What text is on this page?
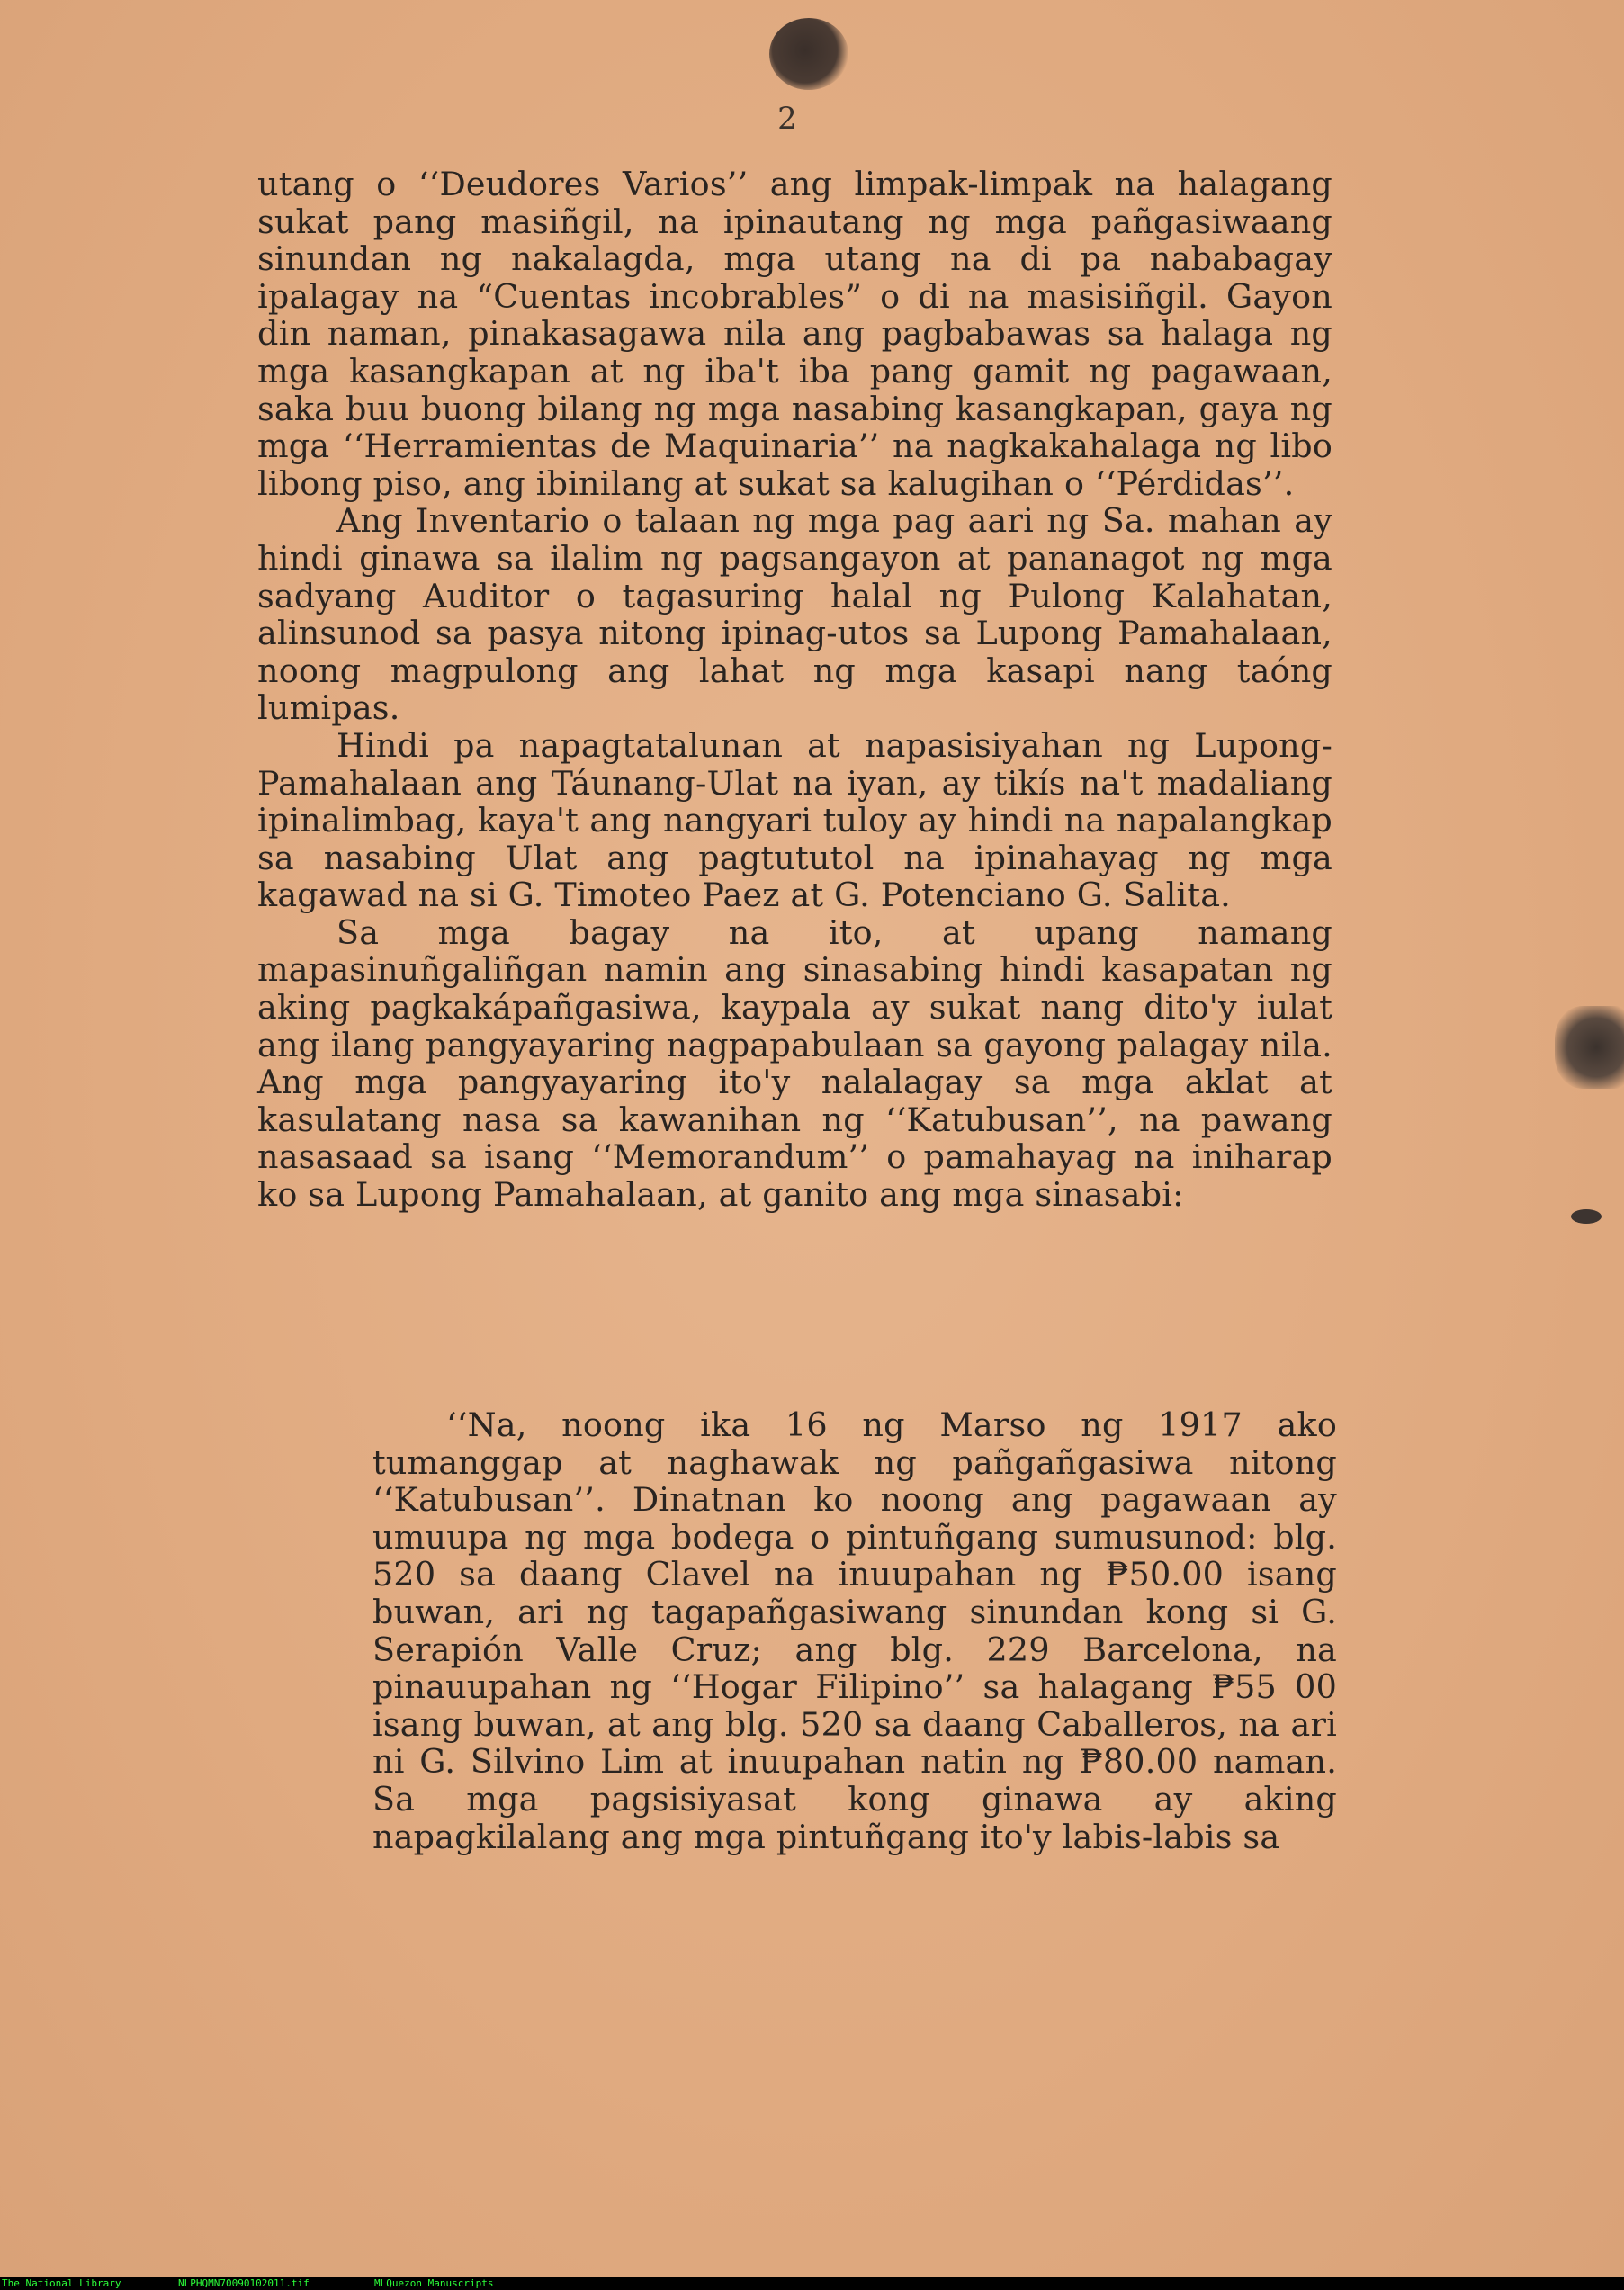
2

utang o ‘‘Deudores Varios’’ ang limpak-limpak na halagang sukat pang masiñgil, na ipinautang ng mga pañgasiwaang sinundan ng nakalagda, mga utang na di pa nababagay ipalagay na “Cuentas incobrables” o di na masisiñgil. Gayon din naman, pinakasagawa nila ang pagbabawas sa halaga ng mga kasangkapan at ng iba't iba pang gamit ng pagawaan, saka buu buong bilang ng mga nasabing kasangkapan, gaya ng mga ‘‘Herramientas de Maquinaria’’ na nagkakahalaga ng libo libong piso, ang ibinilang at sukat sa kalugihan o ‘‘Pérdidas’’.

Ang Inventario o talaan ng mga pag aari ng Sa. mahan ay hindi ginawa sa ilalim ng pagsangayon at pananagot ng mga sadyang Auditor o tagasuring halal ng Pulong Kalahatan, alinsunod sa pasya nitong ipinag-utos sa Lupong Pamahalaan, noong magpulong ang lahat ng mga kasapi nang taóng lumipas.

Hindi pa napagtatalunan at napasisiyahan ng Lupong-Pamahalaan ang Táunang-Ulat na iyan, ay tikís na't madaliang ipinalimbag, kaya't ang nangyari tuloy ay hindi na napalangkap sa nasabing Ulat ang pagtututol na ipinahayag ng mga kagawad na si G. Timoteo Paez at G. Potenciano G. Salita.

Sa mga bagay na ito, at upang namang mapasinuñgaliñgan namin ang sinasabing hindi kasapatan ng aking pagkakápañgasiwa, kaypala ay sukat nang dito'y iulat ang ilang pangyayaring nagpapabulaan sa gayong palagay nila. Ang mga pangyayaring ito'y nalalagay sa mga aklat at kasulatang nasa sa kawanihan ng ‘‘Katubusan’’, na pawang nasasaad sa isang ‘‘Memorandum’’ o pamahayag na iniharap ko sa Lupong Pamahalaan, at ganito ang mga sinasabi:

‘‘Na, noong ika 16 ng Marso ng 1917 ako tumanggap at naghawak ng pañgañgasiwa nitong ‘‘Katubusan’’. Dinatnan ko noong ang pagawaan ay umuupa ng mga bodega o pintuñgang sumusunod: blg. 520 sa daang Clavel na inuupahan ng ₱50.00 isang buwan, ari ng tagapañgasiwang sinundan kong si G. Serapión Valle Cruz; ang blg. 229 Barcelona, na pinauupahan ng ‘‘Hogar Filipino’’ sa halagang ₱55 00 isang buwan, at ang blg. 520 sa daang Caballeros, na ari ni G. Silvino Lim at inuupahan natin ng ₱80.00 naman. Sa mga pagsisiyasat kong ginawa ay aking napagkilalang ang mga pintuñgang ito'y labis-labis sa
The National Library	NLPHQMN70090102011.tif	MLQuezon Manuscripts
